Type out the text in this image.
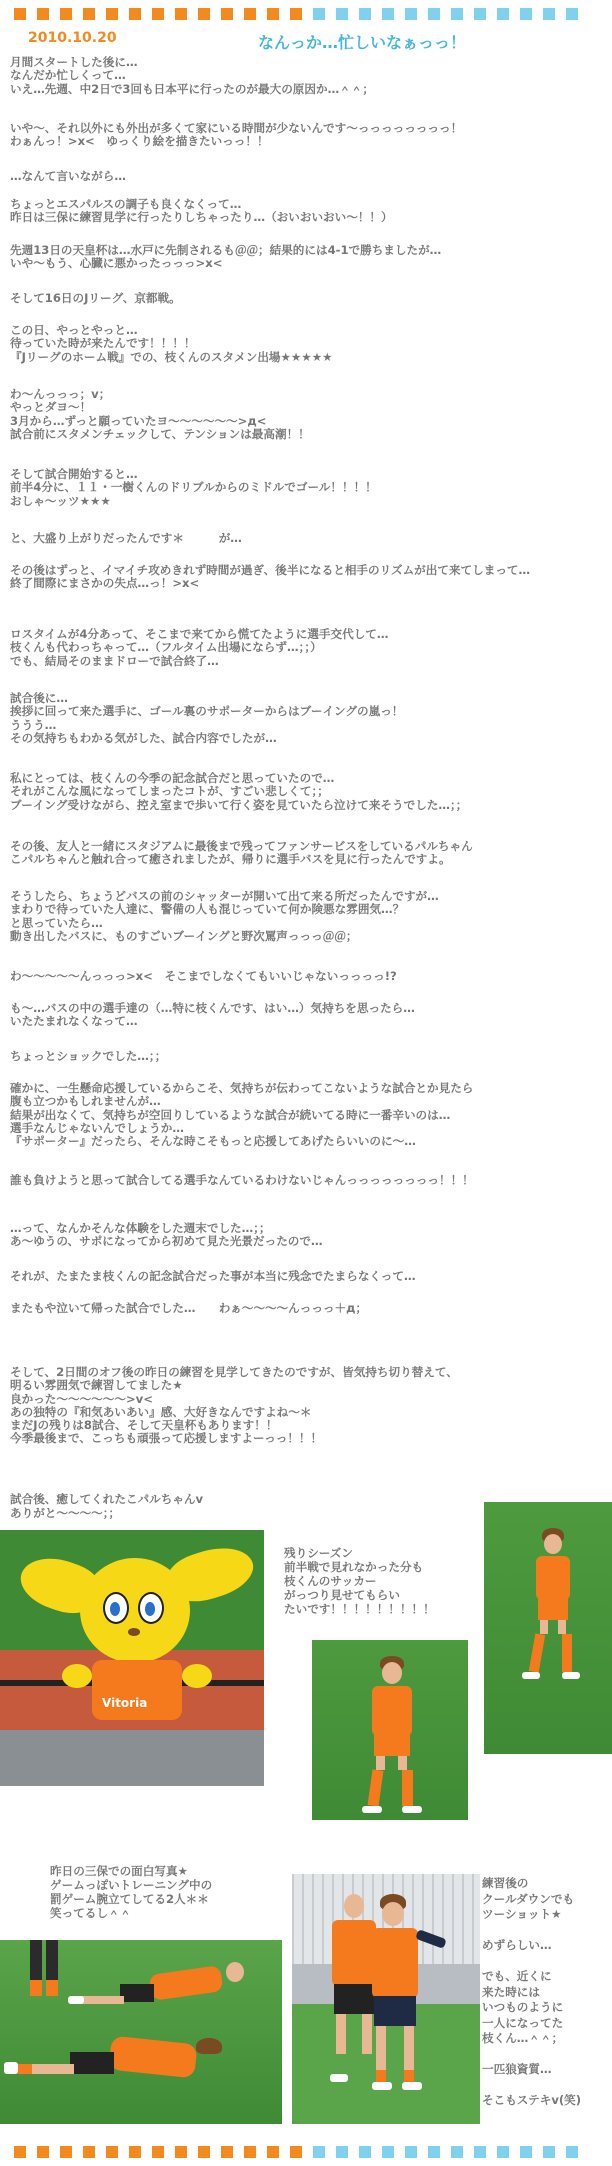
2010.10.20	なんっか…忙しいなぁっっ！

月間スタートした後に…
なんだか忙しくって…
いえ…先週、中2日で3回も日本平に行ったのが最大の原因か…＾＾；

いや～、それ以外にも外出が多くて家にいる時間が少ないんです～っっっっっっっっ！
わぁんっ！>x<　ゆっくり絵を描きたいっっ！！

…なんて言いながら…

ちょっとエスパルスの調子も良くなくって…
昨日は三保に練習見学に行ったりしちゃったり…（おいおいおい～！！）

先週13日の天皇杯は…水戸に先制されるも＠＠；結果的には4-1で勝ちましたが…
いや～もう、心臓に悪かったっっっ>x<

そして16日のJリーグ、京都戦。

この日、やっとやっと…
待っていた時が来たんです！！！！
『Jリーグのホーム戦』での、枝くんのスタメン出場★★★★★

わ～んっっっ；v；
やっとダヨ～！
3月から…ずっと願っていたヨ～～～～～～>д<
試合前にスタメンチェックして、テンションは最高潮！！

そして試合開始すると…
前半4分に、１１・一樹くんのドリブルからのミドルでゴール！！！！
おしゃ～ッツ★★★

と、大盛り上がりだったんです＊　　　が…

その後はずっと、イマイチ攻めきれず時間が過ぎ、後半になると相手のリズムが出て来てしまって…
終了間際にまさかの失点…っ！>x<

ロスタイムが4分あって、そこまで来てから慌てたように選手交代して…
枝くんも代わっちゃって…（フルタイム出場にならず…；；）
でも、結局そのままドローで試合終了…

試合後に…
挨拶に回って来た選手に、ゴール裏のサポーターからはブーイングの嵐っ！
ううう…
その気持ちもわかる気がした、試合内容でしたが…

私にとっては、枝くんの今季の記念試合だと思っていたので…
それがこんな風になってしまったコトが、すごい悲しくて；；
ブーイング受けながら、控え室まで歩いて行く姿を見ていたら泣けて来そうでした…；；

その後、友人と一緒にスタジアムに最後まで残ってファンサービスをしているパルちゃん
こパルちゃんと触れ合って癒されましたが、帰りに選手バスを見に行ったんですよ。

そうしたら、ちょうどバスの前のシャッターが開いて出て来る所だったんですが…
まわりで待っていた人達に、警備の人も混じっていて何か険悪な雰囲気…？
と思っていたら…
動き出したバスに、ものすごいブーイングと野次罵声っっっ＠＠；

わ～～～～～んっっっ>x<　そこまでしなくてもいいじゃないっっっっ!?

も～…バスの中の選手達の（…特に枝くんです、はい…）気持ちを思ったら…
いたたまれなくなって…

ちょっとショックでした…；；

確かに、一生懸命応援しているからこそ、気持ちが伝わってこないような試合とか見たら
腹も立つかもしれませんが…
結果が出なくて、気持ちが空回りしているような試合が続いてる時に一番辛いのは…
選手なんじゃないんでしょうか…
『サポーター』だったら、そんな時こそもっと応援してあげたらいいのに～…

誰も負けようと思って試合してる選手なんているわけないじゃんっっっっっっっっ！！！

…って、なんかそんな体験をした週末でした…；；
あ～ゆうの、サポになってから初めて見た光景だったので…

それが、たまたま枝くんの記念試合だった事が本当に残念でたまらなくって…

またもや泣いて帰った試合でした…　　わぁ～～～～んっっっ＋д；

そして、2日間のオフ後の昨日の練習を見学してきたのですが、皆気持ち切り替えて、
明るい雰囲気で練習してました★
良かった～～～～～～>v<
あの独特の『和気あいあい』感、大好きなんですよね～＊
まだJの残りは8試合、そして天皇杯もあります！！
今季最後まで、こっちも頑張って応援しますよーっっ！！！

試合後、癒してくれたこパルちゃんv
ありがと～～～～；；
Vitoria
残りシーズン
前半戦で見れなかった分も
枝くんのサッカー
がっつり見せてもらい
たいです！！！！！！！！！
昨日の三保での面白写真★
ゲームっぽいトレーニング中の
罰ゲーム腕立てしてる2人＊＊
笑ってるし＾＾
練習後の
クールダウンでも
ツーショット★

めずらしい…

でも、近くに
来た時には
いつものように
一人になってた
枝くん…＾＾；

一匹狼資質…

そこもステキv(笑)
